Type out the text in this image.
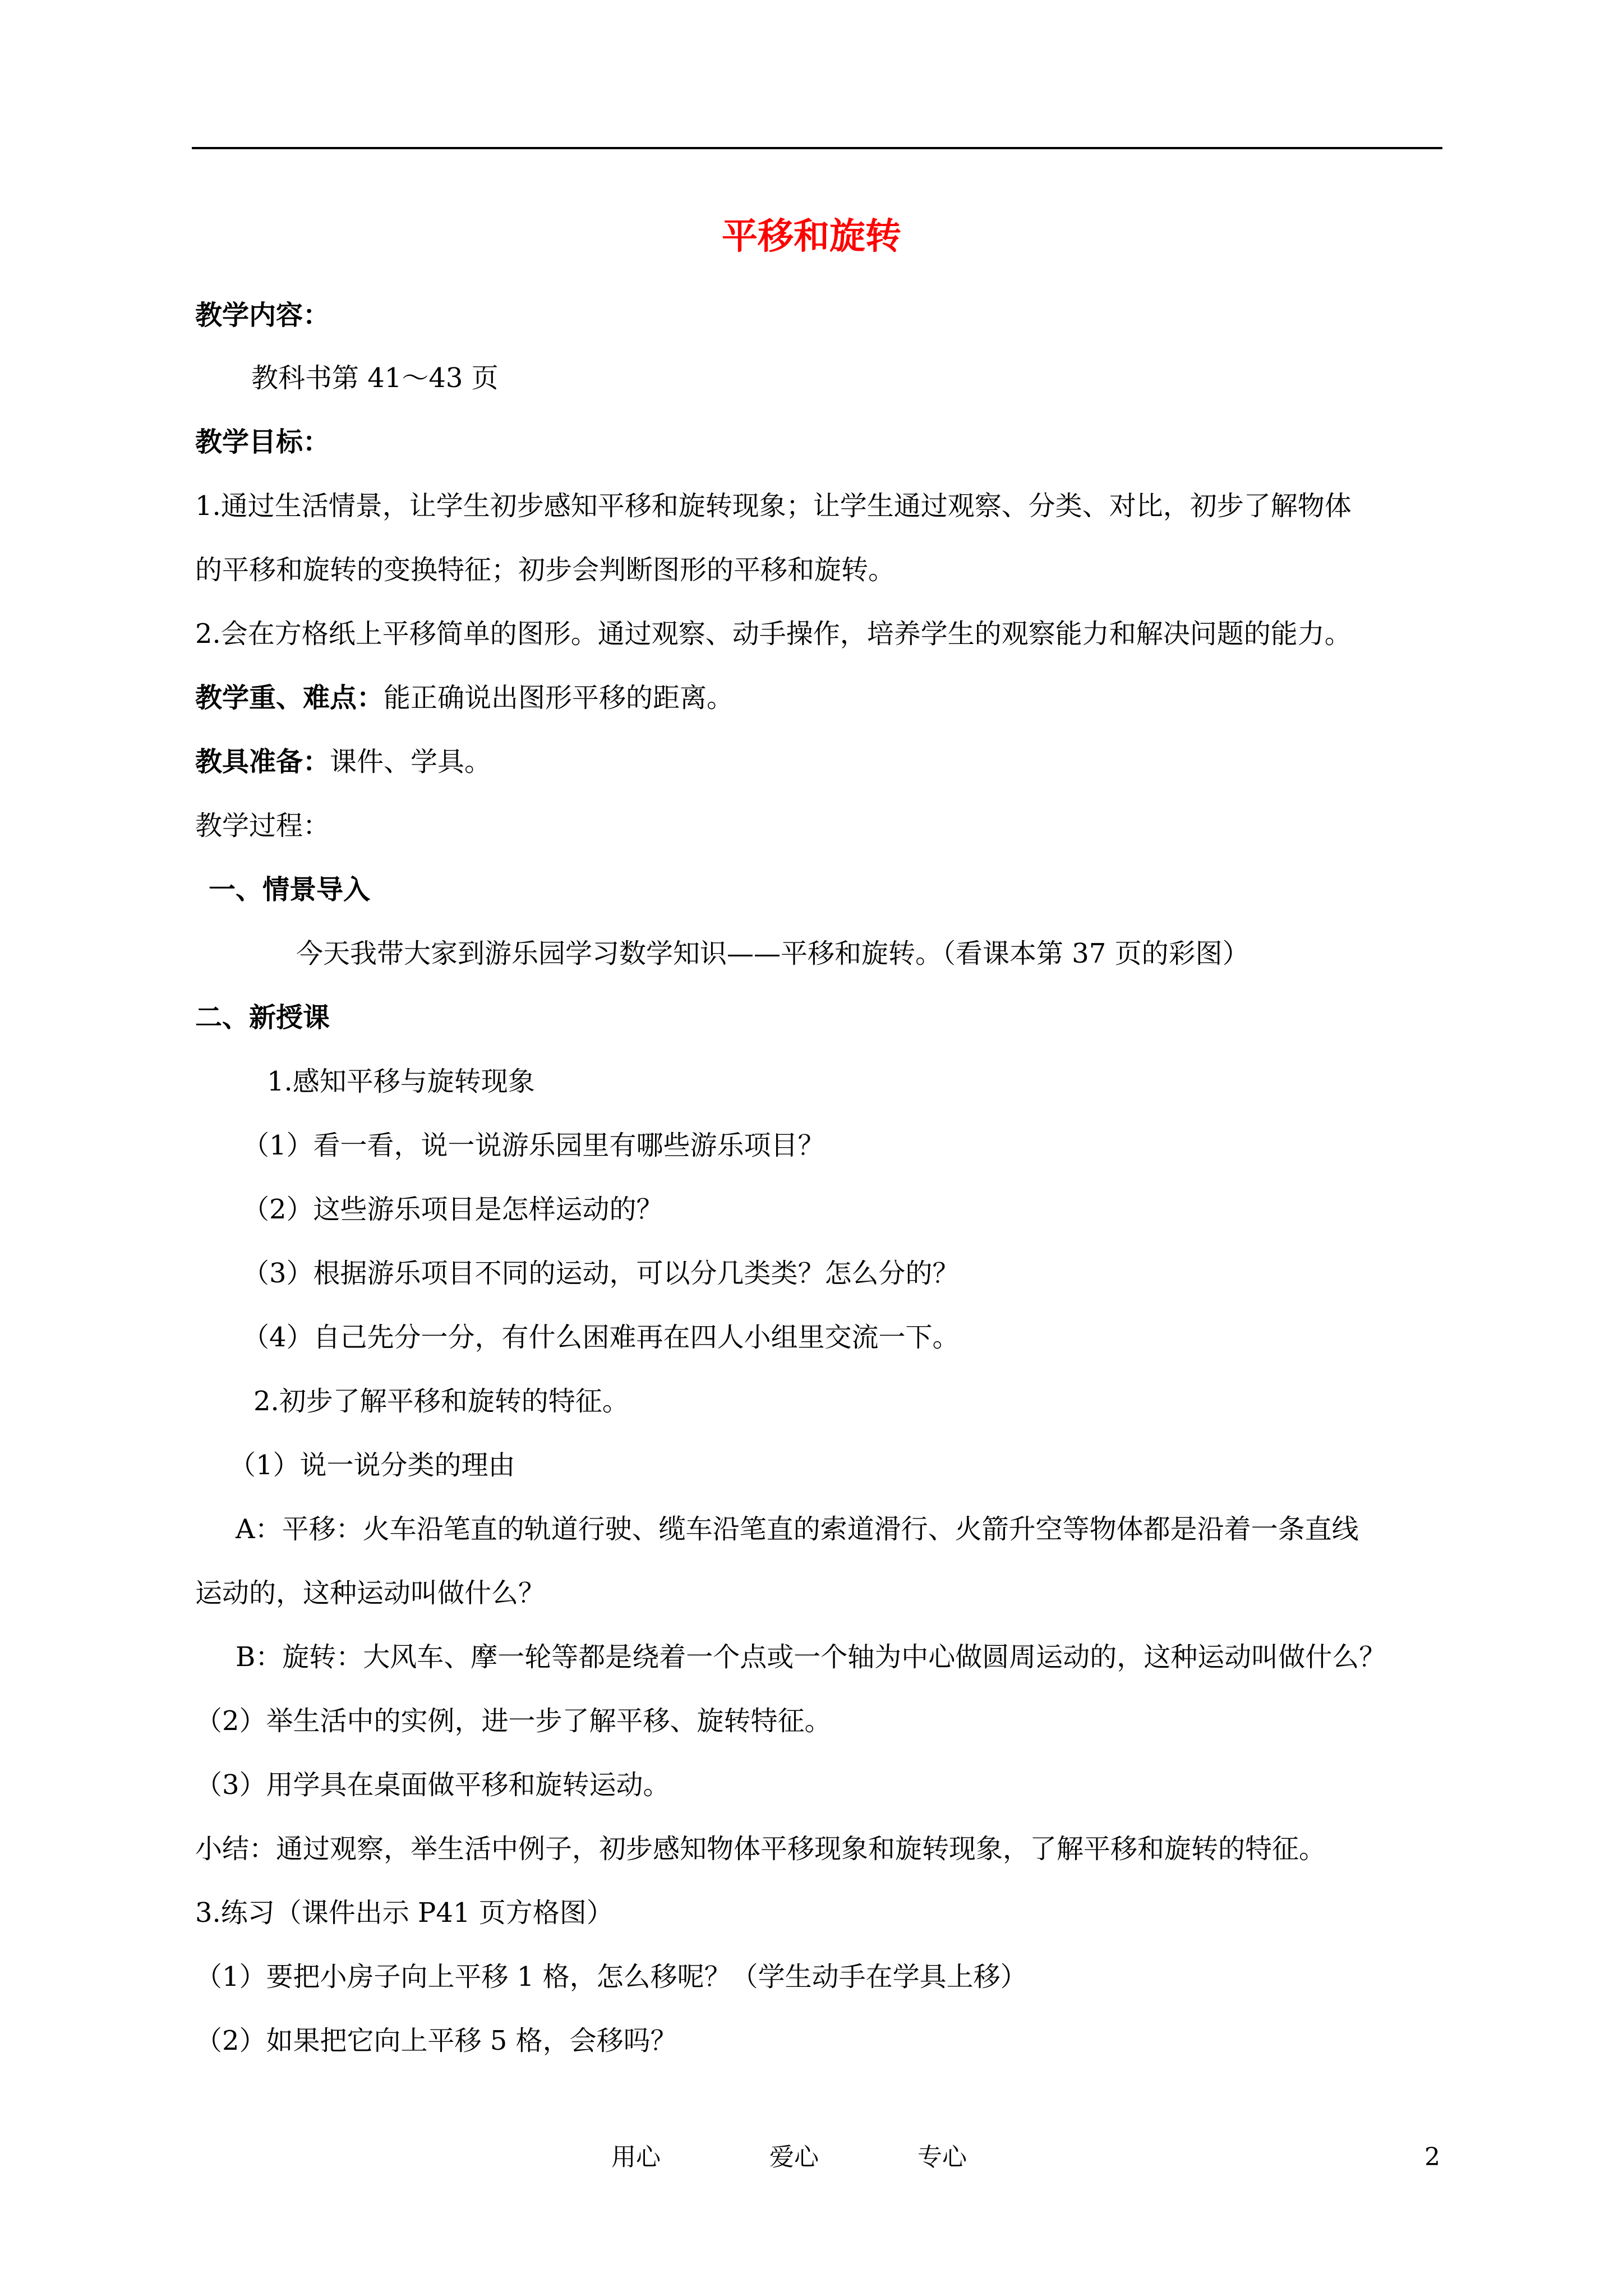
平移和旋转

教学内容：

教科书第 41～43 页

教学目标：

1.通过生活情景，让学生初步感知平移和旋转现象；让学生通过观察、分类、对比，初步了解物体

的平移和旋转的变换特征；初步会判断图形的平移和旋转。

2.会在方格纸上平移简单的图形。通过观察、动手操作，培养学生的观察能力和解决问题的能力。

教学重、难点：能正确说出图形平移的距离。

教具准备：课件、学具。

教学过程：

一、情景导入

今天我带大家到游乐园学习数学知识——平移和旋转。（看课本第 37 页的彩图）

二、新授课

1.感知平移与旋转现象

（1）看一看，说一说游乐园里有哪些游乐项目？

（2）这些游乐项目是怎样运动的？

（3）根据游乐项目不同的运动，可以分几类类？怎么分的？

（4）自己先分一分，有什么困难再在四人小组里交流一下。

2.初步了解平移和旋转的特征。

（1）说一说分类的理由

A：平移：火车沿笔直的轨道行驶、缆车沿笔直的索道滑行、火箭升空等物体都是沿着一条直线

运动的，这种运动叫做什么？

B：旋转：大风车、摩一轮等都是绕着一个点或一个轴为中心做圆周运动的，这种运动叫做什么？

（2）举生活中的实例，进一步了解平移、旋转特征。

（3）用学具在桌面做平移和旋转运动。

小结：通过观察，举生活中例子，初步感知物体平移现象和旋转现象，了解平移和旋转的特征。

3.练习（课件出示 P41 页方格图）

（1）要把小房子向上平移 1 格，怎么移呢？（学生动手在学具上移）

（2）如果把它向上平移 5 格，会移吗？

用心	爱心	专心	2
